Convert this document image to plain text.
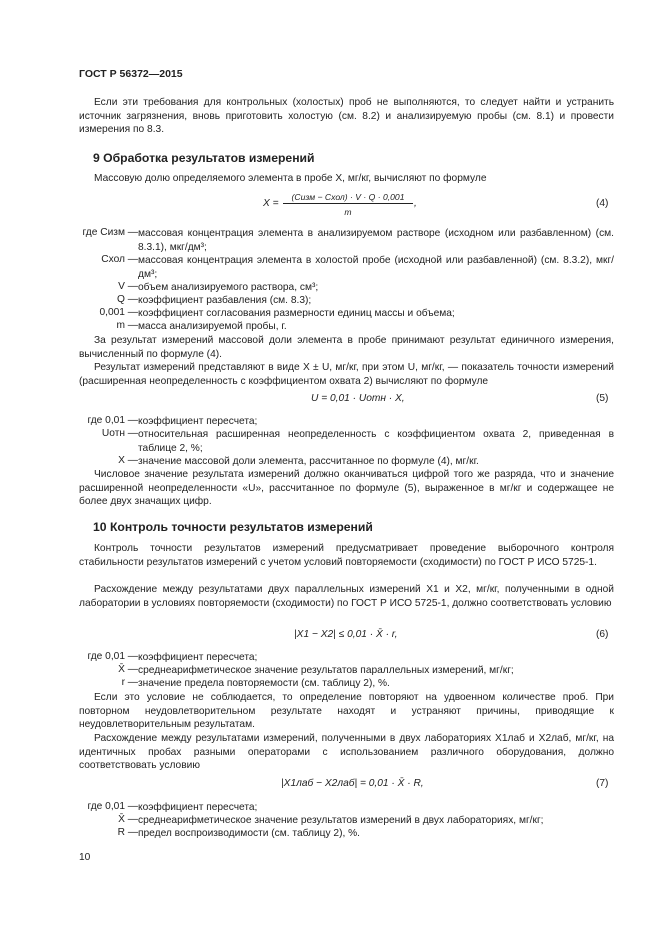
ГОСТ Р 56372—2015

Если эти требования для контрольных (холостых) проб не выполняются, то следует найти и устранить источник загрязнения, вновь приготовить холостую (см. 8.2) и анализируемую пробы (см. 8.1) и провести измерения по 8.3.

9 Обработка результатов измерений

Массовую долю определяемого элемента в пробе X, мг/кг, вычисляют по формуле

X =
(Cизм − Cхол) · V · Q · 0,001
m
,	(4)
где Cизм — массовая концентрация элемента в анализируемом растворе (исходном или разбавленном) (см. 8.3.1), мкг/дм³;

Cхол — массовая концентрация элемента в холостой пробе (исходной или разбавленной) (см. 8.3.2), мкг/дм³;

V — объем анализируемого раствора, см³;

Q — коэффициент разбавления (см. 8.3);

0,001 — коэффициент согласования размерности единиц массы и объема;

m — масса анализируемой пробы, г.

За результат измерений массовой доли элемента в пробе принимают результат единичного измерения, вычисленный по формуле (4).

Результат измерений представляют в виде X ± U, мг/кг, при этом U, мг/кг, — показатель точности измерений (расширенная неопределенность с коэффициентом охвата 2) вычисляют по формуле

U = 0,01 · Uотн · X,	(5)
где 0,01 — коэффициент пересчета;

Uотн — относительная расширенная неопределенность с коэффициентом охвата 2, приведенная в таблице 2, %;

X — значение массовой доли элемента, рассчитанное по формуле (4), мг/кг.

Числовое значение результата измерений должно оканчиваться цифрой того же разряда, что и значение расширенной неопределенности «U», рассчитанное по формуле (5), выраженное в мг/кг и содержащее не более двух значащих цифр.

10 Контроль точности результатов измерений

Контроль точности результатов измерений предусматривает проведение выборочного контроля стабильности результатов измерений с учетом условий повторяемости (сходимости) по ГОСТ Р ИСО 5725-1.

Расхождение между результатами двух параллельных измерений X1 и X2, мг/кг, полученными в одной лаборатории в условиях повторяемости (сходимости) по ГОСТ Р ИСО 5725-1, должно соответствовать условию

|X1 − X2| ≤ 0,01 · X̄ · r,	(6)
где 0,01 — коэффициент пересчета;

X̄ — среднеарифметическое значение результатов параллельных измерений, мг/кг;

r — значение предела повторяемости (см. таблицу 2), %.

Если это условие не соблюдается, то определение повторяют на удвоенном количестве проб. При повторном неудовлетворительном результате находят и устраняют причины, приводящие к неудовлетворительным результатам.

Расхождение между результатами измерений, полученными в двух лабораториях X1лаб и X2лаб, мг/кг, на идентичных пробах разными операторами с использованием различного оборудования, должно соответствовать условию

|X1лаб − X2лаб| = 0,01 · X̄ · R,	(7)
где 0,01 — коэффициент пересчета;

X̄ — среднеарифметическое значение результатов измерений в двух лабораториях, мг/кг;

R — предел воспроизводимости (см. таблицу 2), %.

10
